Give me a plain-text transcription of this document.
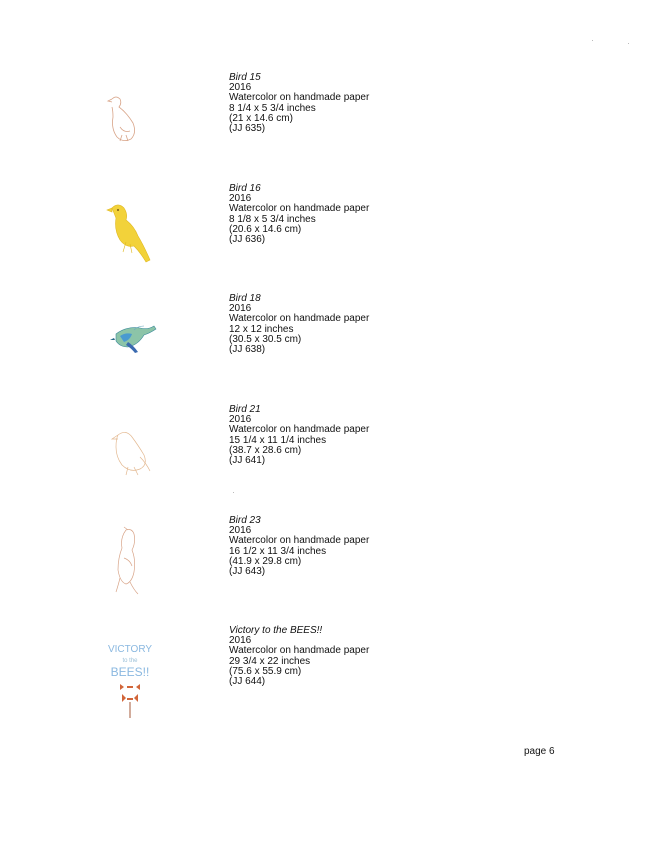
Bird 15
2016
Watercolor on handmade paper
8 1/4 x 5 3/4 inches
(21 x 14.6 cm)
(JJ 635)
Bird 16
2016
Watercolor on handmade paper
8 1/8 x 5 3/4 inches
(20.6 x 14.6 cm)
(JJ 636)
Bird 18
2016
Watercolor on handmade paper
12 x 12 inches
(30.5 x 30.5 cm)
(JJ 638)
Bird 21
2016
Watercolor on handmade paper
15 1/4 x 11 1/4 inches
(38.7 x 28.6 cm)
(JJ 641)
Bird 23
2016
Watercolor on handmade paper
16 1/2 x 11 3/4 inches
(41.9 x 29.8 cm)
(JJ 643)
VICTORY
to the
BEES!!
Victory to the BEES!!
2016
Watercolor on handmade paper
29 3/4 x 22 inches
(75.6 x 55.9 cm)
(JJ 644)
page 6
